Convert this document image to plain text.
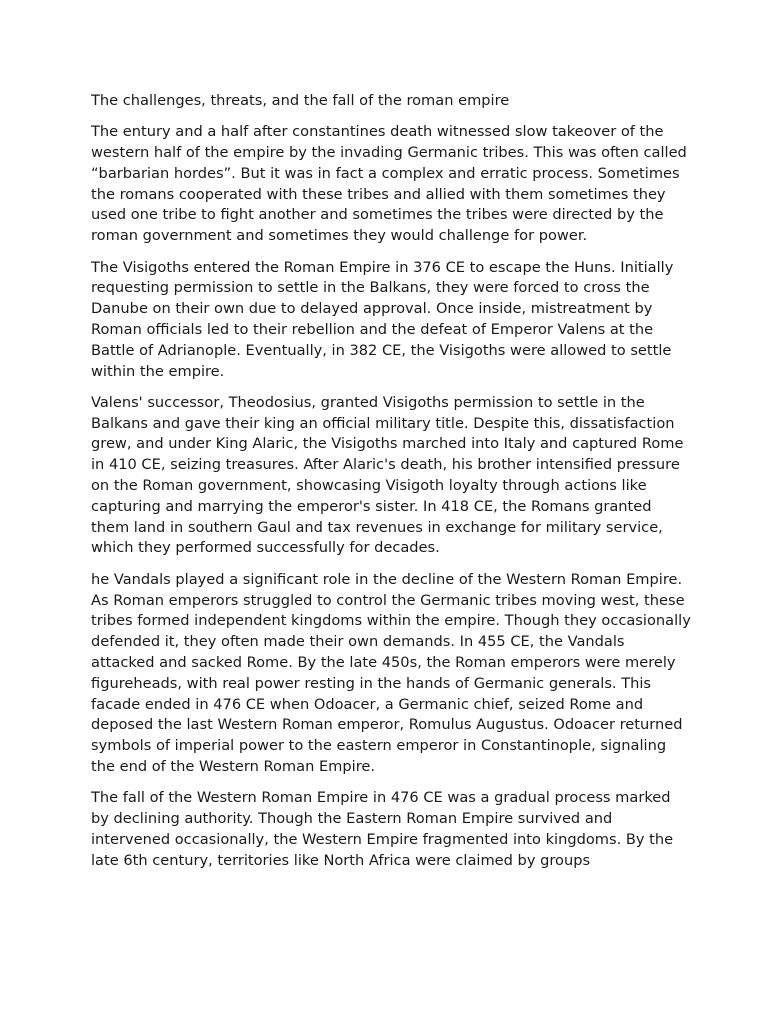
The challenges, threats, and the fall of the roman empire

The entury and a half after constantines death witnessed slow takeover of the western half of the empire by the invading Germanic tribes. This was often called “barbarian hordes”. But it was in fact a complex and erratic process. Sometimes the romans cooperated with these tribes and allied with them sometimes they used one tribe to fight another and sometimes the tribes were directed by the roman government and sometimes they would challenge for power.

The Visigoths entered the Roman Empire in 376 CE to escape the Huns. Initially requesting permission to settle in the Balkans, they were forced to cross the Danube on their own due to delayed approval. Once inside, mistreatment by Roman officials led to their rebellion and the defeat of Emperor Valens at the Battle of Adrianople. Eventually, in 382 CE, the Visigoths were allowed to settle within the empire.

Valens' successor, Theodosius, granted Visigoths permission to settle in the Balkans and gave their king an official military title. Despite this, dissatisfaction grew, and under King Alaric, the Visigoths marched into Italy and captured Rome in 410 CE, seizing treasures. After Alaric's death, his brother intensified pressure on the Roman government, showcasing Visigoth loyalty through actions like capturing and marrying the emperor's sister. In 418 CE, the Romans granted them land in southern Gaul and tax revenues in exchange for military service, which they performed successfully for decades.

he Vandals played a significant role in the decline of the Western Roman Empire. As Roman emperors struggled to control the Germanic tribes moving west, these tribes formed independent kingdoms within the empire. Though they occasionally defended it, they often made their own demands. In 455 CE, the Vandals attacked and sacked Rome. By the late 450s, the Roman emperors were merely figureheads, with real power resting in the hands of Germanic generals. This facade ended in 476 CE when Odoacer, a Germanic chief, seized Rome and deposed the last Western Roman emperor, Romulus Augustus. Odoacer returned symbols of imperial power to the eastern emperor in Constantinople, signaling the end of the Western Roman Empire.

The fall of the Western Roman Empire in 476 CE was a gradual process marked by declining authority. Though the Eastern Roman Empire survived and intervened occasionally, the Western Empire fragmented into kingdoms. By the late 6th century, territories like North Africa were claimed by groups
